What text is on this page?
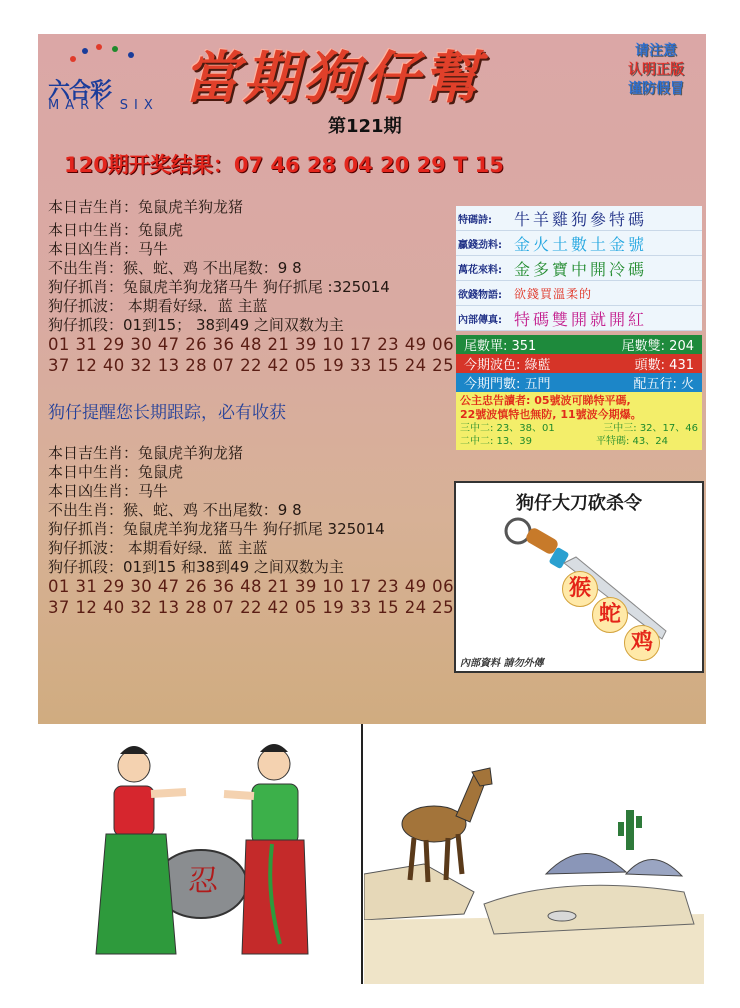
六合彩
MARK SIX 當期狗仔幫	请注意
认明正版
谨防假冒
第121期
120期开奖结果：07 46 28 04 20 29 T 15
本日吉生肖：兔鼠虎羊狗龙猪
本日中生肖：兔鼠虎
本日凶生肖：马牛
不出生肖：猴、蛇、鸡 不出尾数：9 8
狗仔抓肖：兔鼠虎羊狗龙猪马牛 狗仔抓尾 :325014
狗仔抓波： 本期看好绿．蓝 主蓝
狗仔抓段：01到15； 38到49 之间双数为主
01 31 29 30 47 26 36 48 21 39 10 17 23 49 06
37 12 40 32 13 28 07 22 42 05 19 33 15 24 25
狗仔提醒您长期跟踪，必有收获
本日吉生肖：兔鼠虎羊狗龙猪
本日中生肖：兔鼠虎
本日凶生肖：马牛
不出生肖：猴、蛇、鸡 不出尾数：9 8
狗仔抓肖：兔鼠虎羊狗龙猪马牛 狗仔抓尾 325014
狗仔抓波： 本期看好绿．蓝 主蓝
狗仔抓段：01到15 和38到49 之间双数为主
01 31 29 30 47 26 36 48 21 39 10 17 23 49 06
37 12 40 32 13 28 07 22 42 05 19 33 15 24 25
特碼詩:	牛羊雞狗參特碼
贏錢劲料: 金火土數土金號
萬花來料: 金多寶中開冷碼
欲錢物語:	欲錢買溫柔的
內部傳真: 特碼雙開就開紅
尾數單: 351	尾數雙: 204
今期波色: 綠藍	頭數: 431
今期門數: 五門	配五行: 火
公主忠告讀者: 05號波可睇特平碼,
22號波慎特也無防, 11號波今期爆。
三中二: 23、38、01	三中三: 32、17、46
二中二: 13、39	平特碼: 43、24
狗仔大刀砍杀令
猴
蛇
鸡
內部資料 請勿外傳
忍
